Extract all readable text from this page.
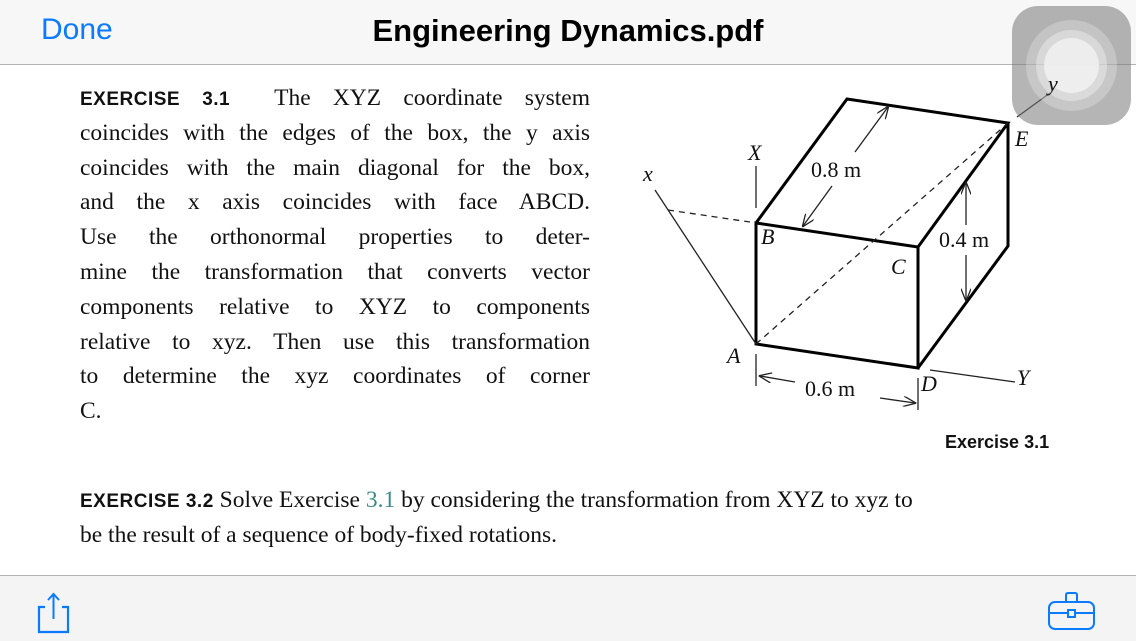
Done	Engineering Dynamics.pdf
y
EXERCISE 3.1 The XYZ coordinate system
coincides with the edges of the box, the y axis
coincides with the main diagonal for the box,
and the x axis coincides with face ABCD.
Use the orthonormal properties to deter-
mine the transformation that converts vector
components relative to XYZ to components
relative to xyz. Then use this transformation
to determine the xyz coordinates of corner
C.
x
X
Y
A
B
C
D
E
0.8 m
0.4 m
0.6 m
Exercise 3.1
EXERCISE 3.2 Solve Exercise 3.1 by considering the transformation from XYZ to xyz to
be the result of a sequence of body-fixed rotations.
